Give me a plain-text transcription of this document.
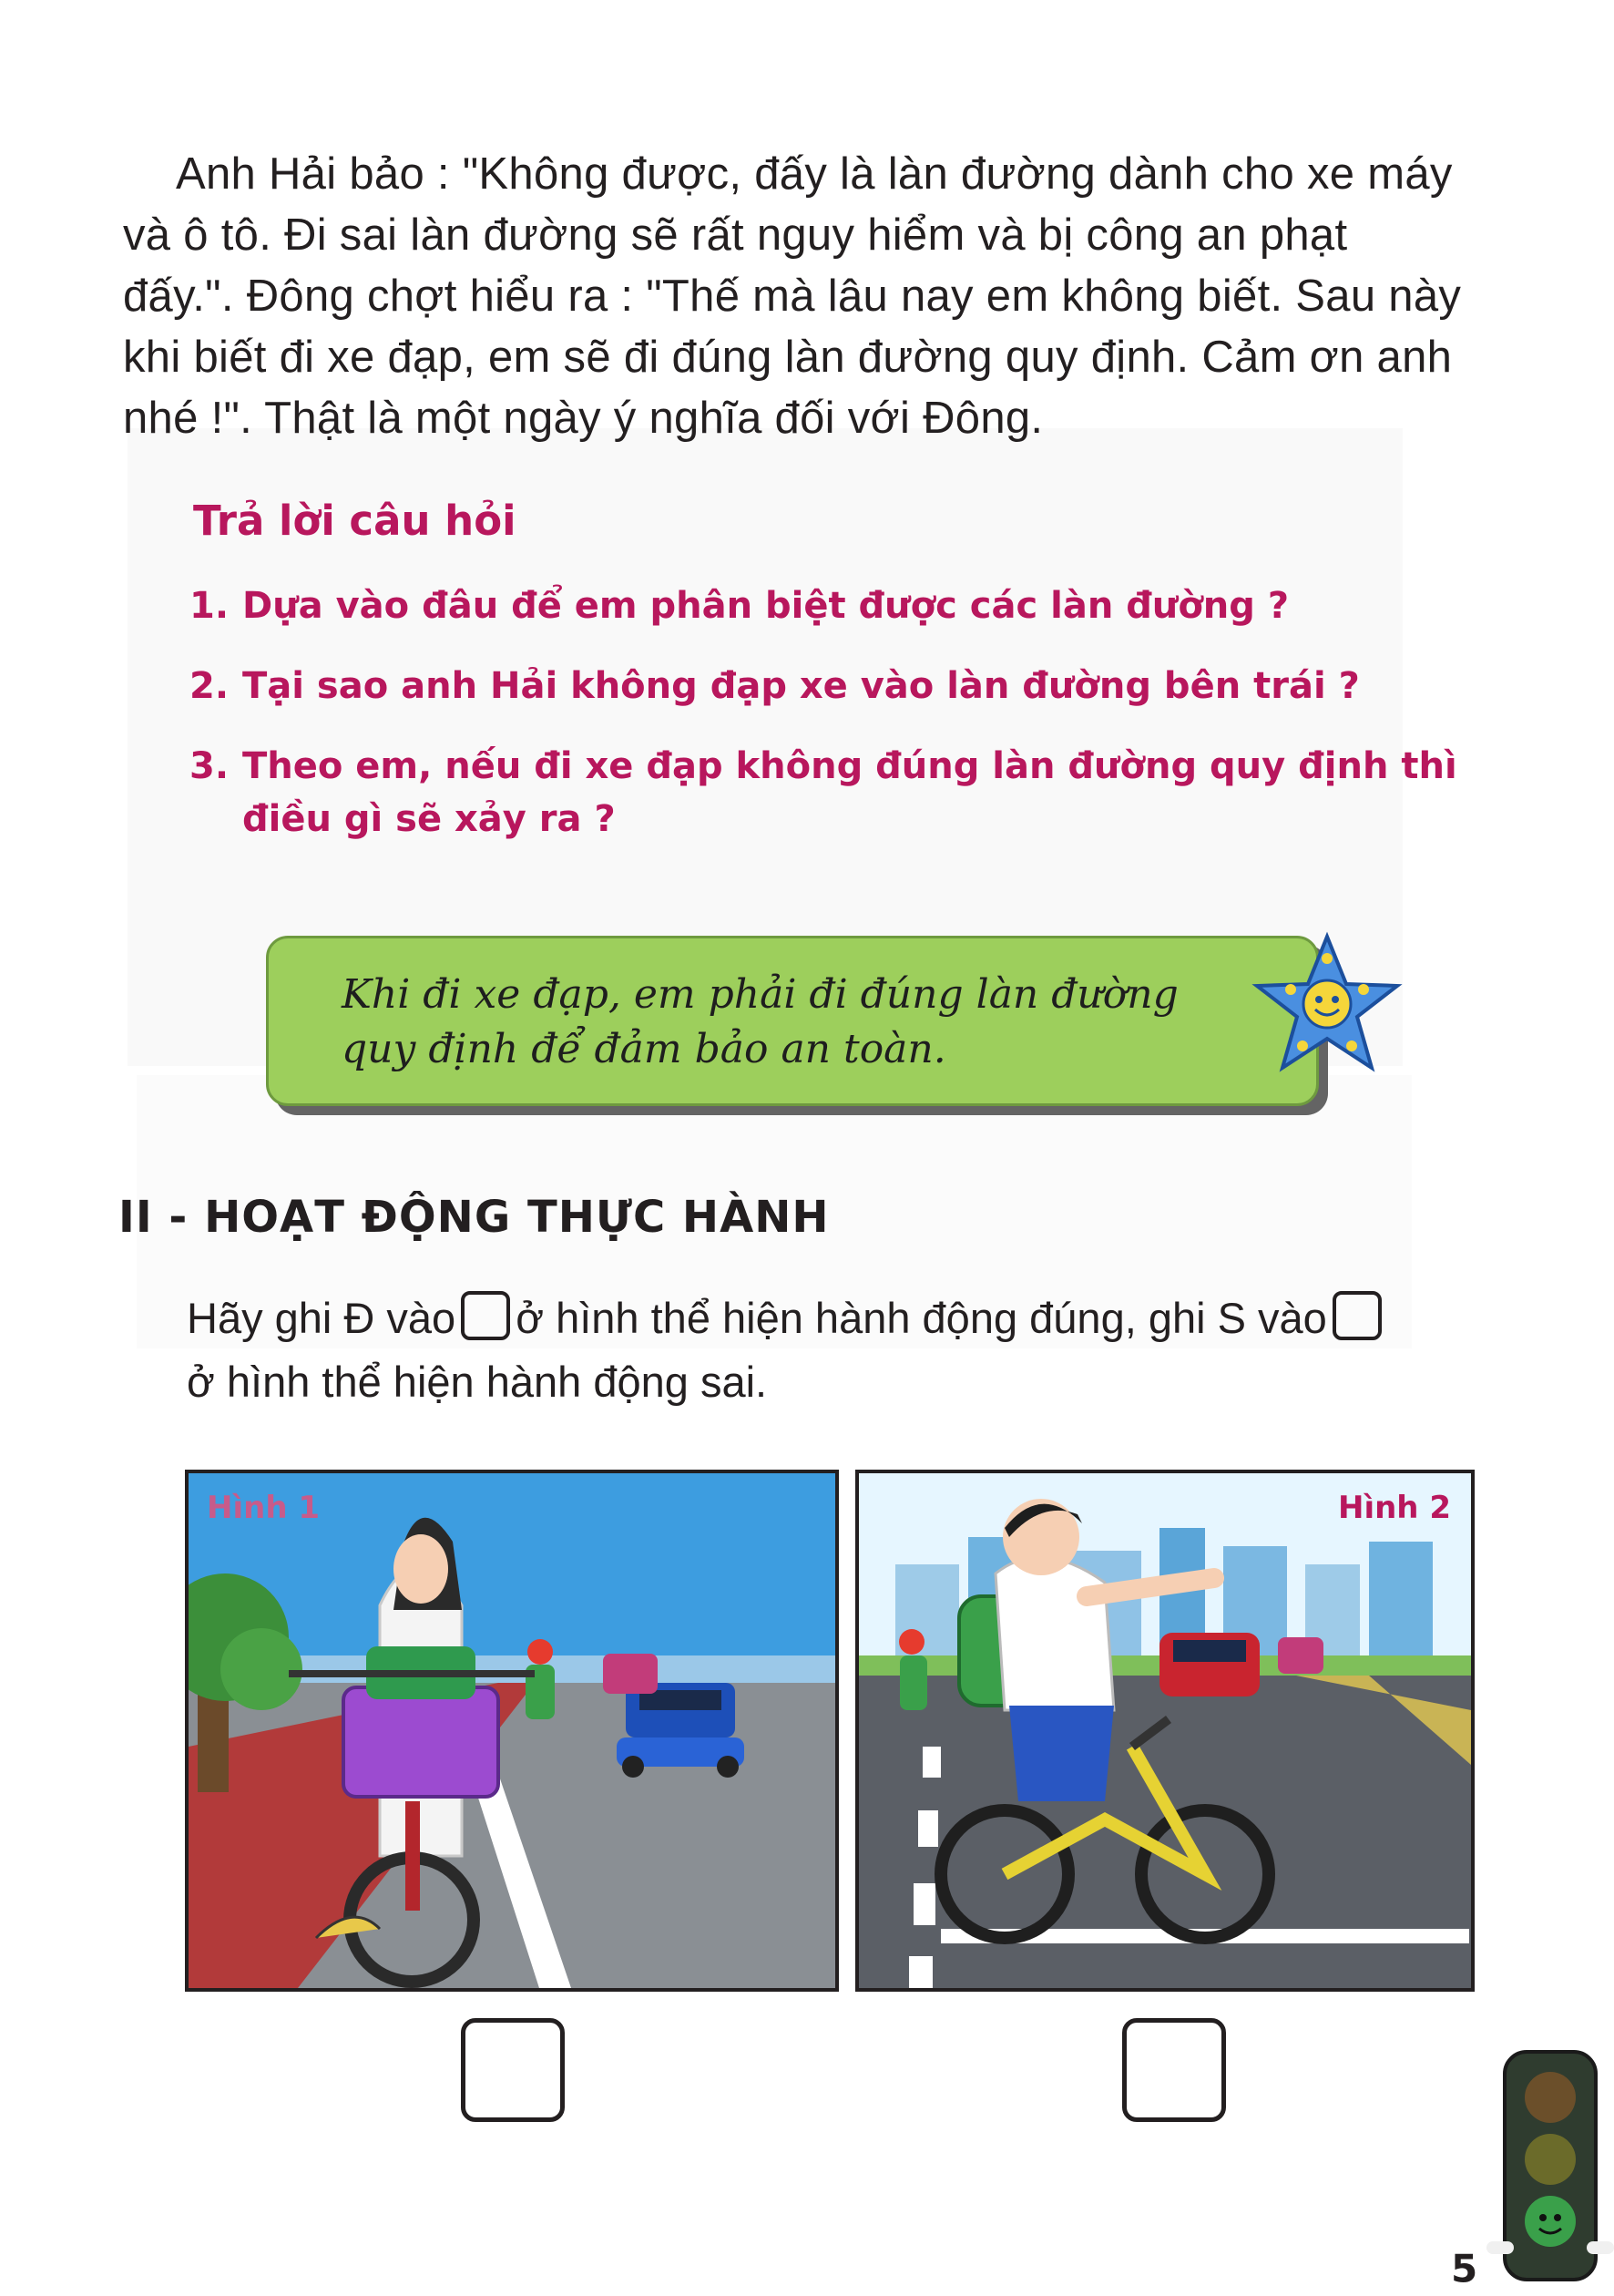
Anh Hải bảo : "Không được, đấy là làn đường dành cho xe máy và ô tô. Đi sai làn đường sẽ rất nguy hiểm và bị công an phạt đấy.". Đông chợt hiểu ra : "Thế mà lâu nay em không biết. Sau này khi biết đi xe đạp, em sẽ đi đúng làn đường quy định. Cảm ơn anh nhé !". Thật là một ngày ý nghĩa đối với Đông.
Trả lời câu hỏi
1. Dựa vào đâu để em phân biệt được các làn đường ?
2. Tại sao anh Hải không đạp xe vào làn đường bên trái ?
3. Theo em, nếu đi xe đạp không đúng làn đường quy định thì điều gì sẽ xảy ra ?
Khi đi xe đạp, em phải đi đúng làn đường quy định để đảm bảo an toàn.
II - HOẠT ĐỘNG THỰC HÀNH
Hãy ghi Đ vào ở hình thể hiện hành động đúng, ghi S vào
ở hình thể hiện hành động sai.
Hình 1	Hình 2
5
